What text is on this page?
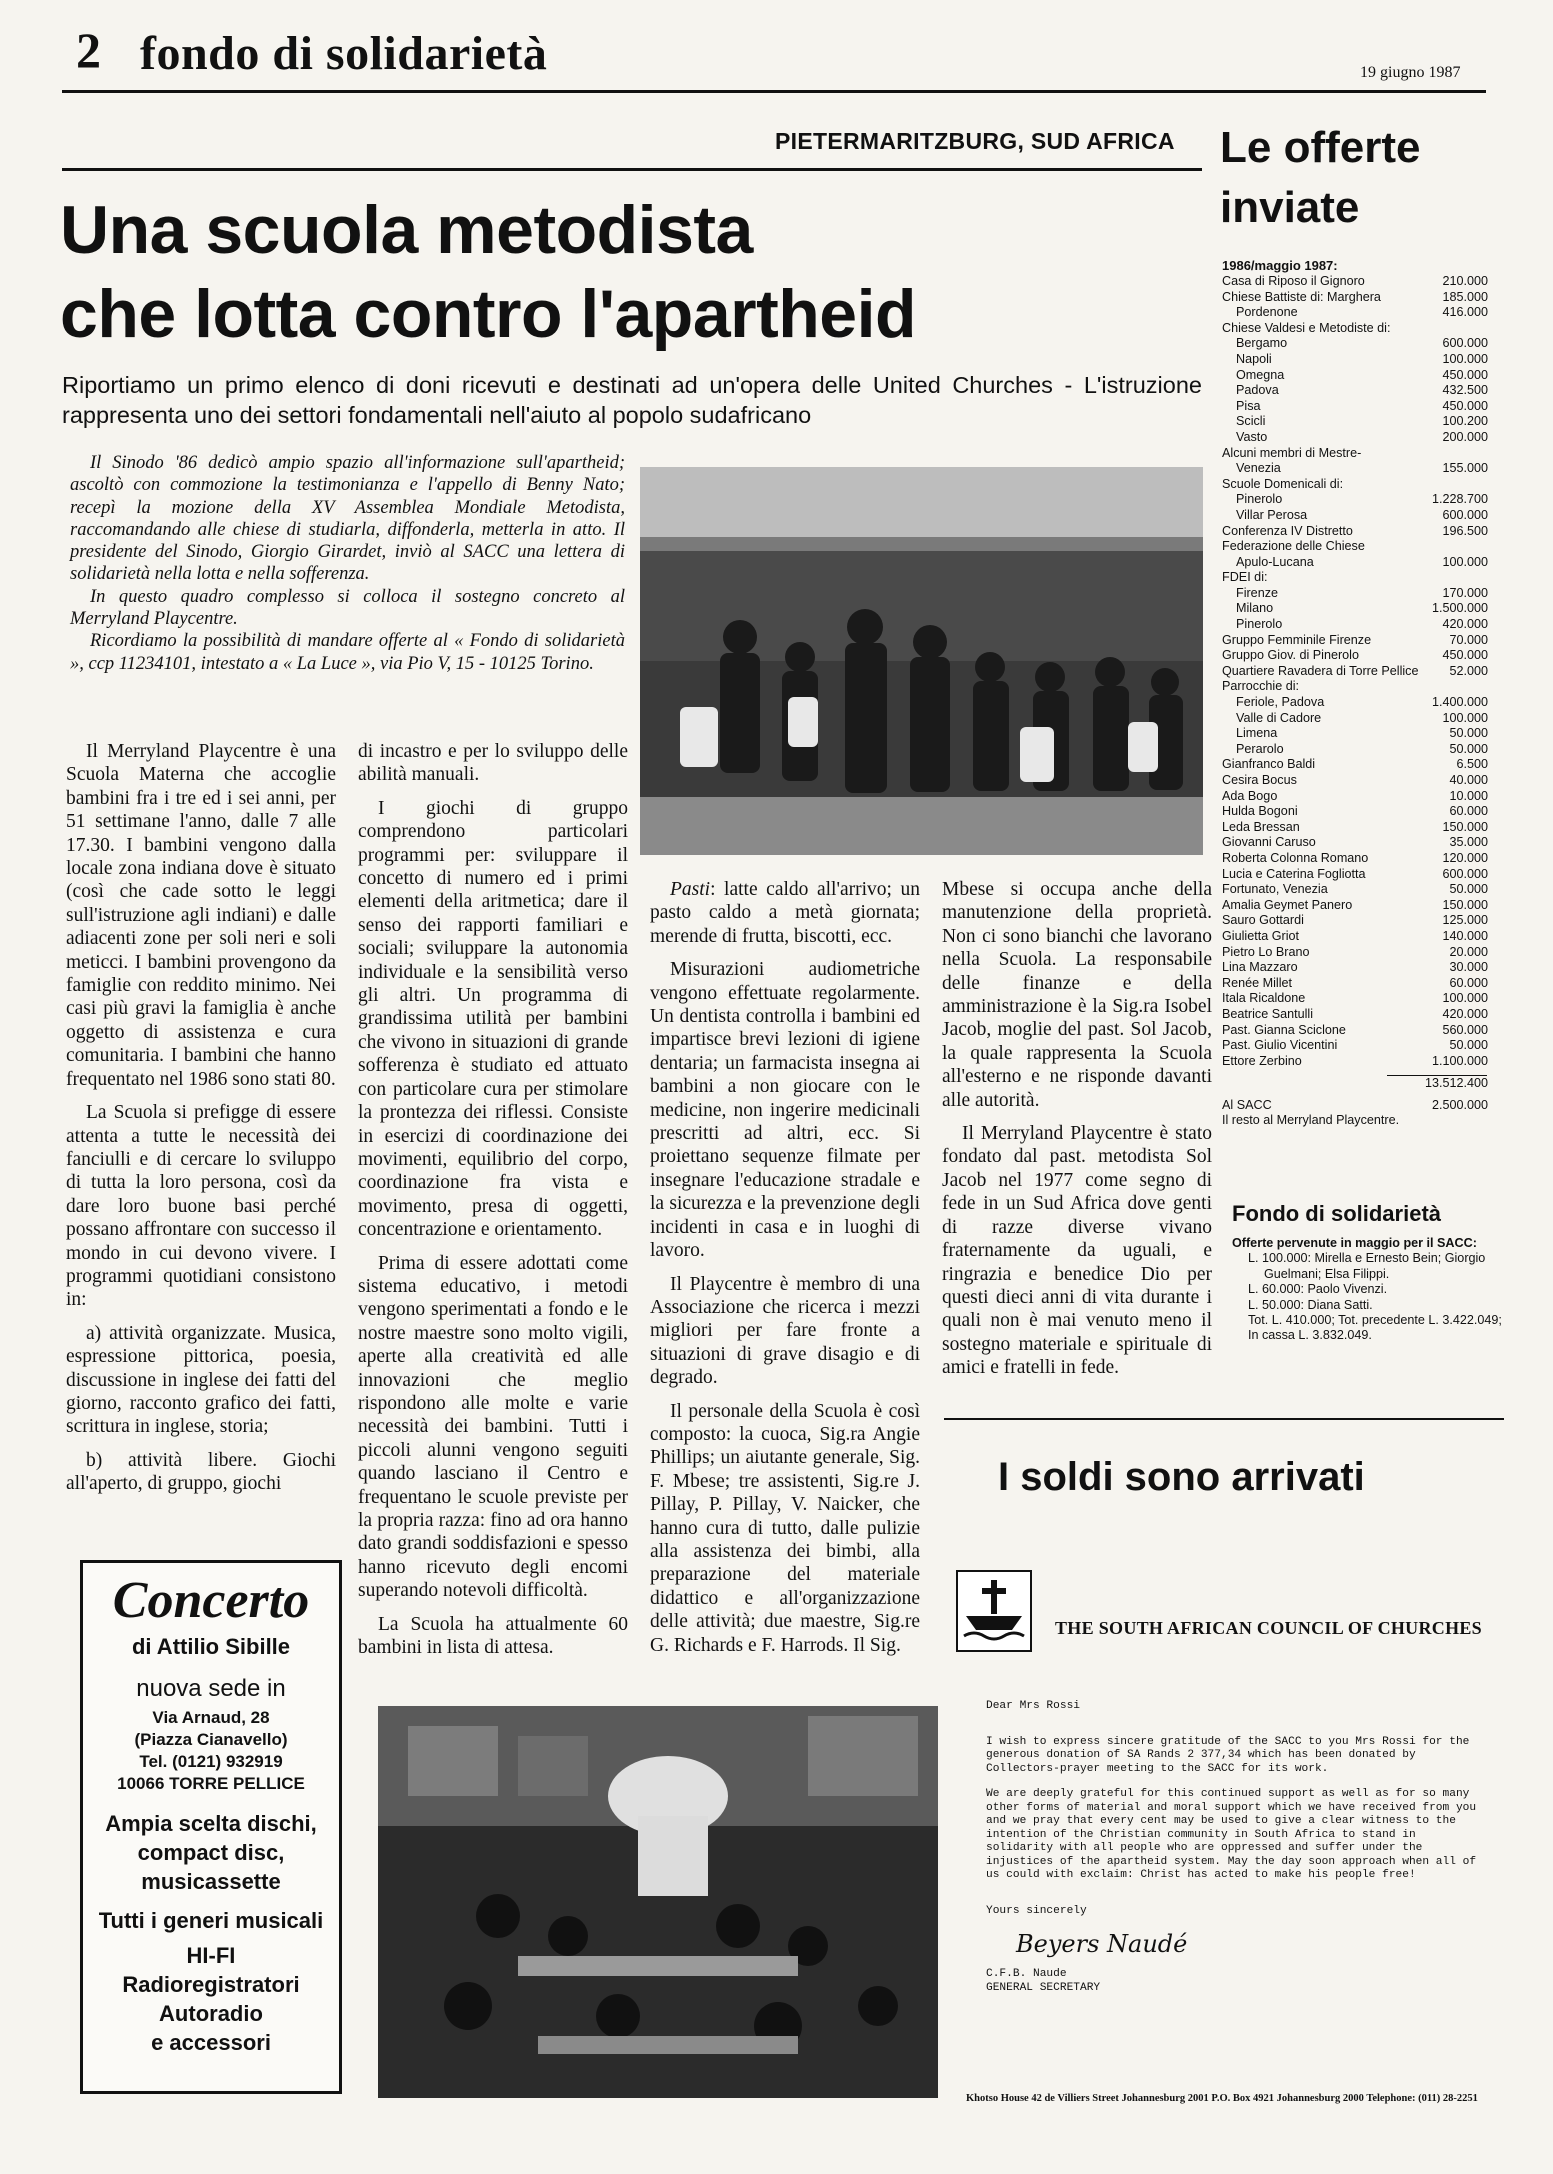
2 fondo di solidarietà	19 giugno 1987
PIETERMARITZBURG, SUD AFRICA
Una scuola metodista
che lotta contro l'apartheid
Riportiamo un primo elenco di doni ricevuti e destinati ad un'opera delle United Churches - L'istruzione rappresenta uno dei settori fondamentali nell'aiuto al popolo sudafricano

Il Sinodo '86 dedicò ampio spazio all'informazione sull'apartheid; ascoltò con commozione la testimonianza e l'appello di Benny Nato; recepì la mozione della XV Assemblea Mondiale Metodista, raccomandando alle chiese di studiarla, diffonderla, metterla in atto. Il presidente del Sinodo, Giorgio Girardet, inviò al SACC una lettera di solidarietà nella lotta e nella sofferenza.

In questo quadro complesso si colloca il sostegno concreto al Merryland Playcentre.

Ricordiamo la possibilità di mandare offerte al « Fondo di solidarietà », ccp 11234101, intestato a « La Luce », via Pio V, 15 - 10125 Torino.

Il Merryland Playcentre è una Scuola Materna che accoglie bambini fra i tre ed i sei anni, per 51 settimane l'anno, dalle 7 alle 17.30. I bambini vengono dalla locale zona indiana dove è situato (così che cade sotto le leggi sull'istruzione agli indiani) e dalle adiacenti zone per soli neri e soli meticci. I bambini provengono da famiglie con reddito minimo. Nei casi più gravi la famiglia è anche oggetto di assistenza e cura comunitaria. I bambini che hanno frequentato nel 1986 sono stati 80.

La Scuola si prefigge di essere attenta a tutte le necessità dei fanciulli e di cercare lo sviluppo di tutta la loro persona, così da dare loro buone basi perché possano affrontare con successo il mondo in cui devono vivere. I programmi quotidiani consistono in:

a) attività organizzate. Musica, espressione pittorica, poesia, discussione in inglese dei fatti del giorno, racconto grafico dei fatti, scrittura in inglese, storia;

b) attività libere. Giochi all'aperto, di gruppo, giochi

di incastro e per lo sviluppo delle abilità manuali.

I giochi di gruppo comprendono particolari programmi per: sviluppare il concetto di numero ed i primi elementi della aritmetica; dare il senso dei rapporti familiari e sociali; sviluppare la autonomia individuale e la sensibilità verso gli altri. Un programma di grandissima utilità per bambini che vivono in situazioni di grande sofferenza è studiato ed attuato con particolare cura per stimolare la prontezza dei riflessi. Consiste in esercizi di coordinazione dei movimenti, equilibrio del corpo, coordinazione fra vista e movimento, presa di oggetti, concentrazione e orientamento.

Prima di essere adottati come sistema educativo, i metodi vengono sperimentati a fondo e le nostre maestre sono molto vigili, aperte alla creatività ed alle innovazioni che meglio rispondono alle molte e varie necessità dei bambini. Tutti i piccoli alunni vengono seguiti quando lasciano il Centro e frequentano le scuole previste per la propria razza: fino ad ora hanno dato grandi soddisfazioni e spesso hanno ricevuto degli encomi superando notevoli difficoltà.

La Scuola ha attualmente 60 bambini in lista di attesa.

Pasti: latte caldo all'arrivo; un pasto caldo a metà giornata; merende di frutta, biscotti, ecc.

Misurazioni audiometriche vengono effettuate regolarmente. Un dentista controlla i bambini ed impartisce brevi lezioni di igiene dentaria; un farmacista insegna ai bambini a non giocare con le medicine, non ingerire medicinali prescritti ad altri, ecc. Si proiettano sequenze filmate per insegnare l'educazione stradale e la sicurezza e la prevenzione degli incidenti in casa e in luoghi di lavoro.

Il Playcentre è membro di una Associazione che ricerca i mezzi migliori per fare fronte a situazioni di grave disagio e di degrado.

Il personale della Scuola è così composto: la cuoca, Sig.ra Angie Phillips; un aiutante generale, Sig. F. Mbese; tre assistenti, Sig.re J. Pillay, P. Pillay, V. Naicker, che hanno cura di tutto, dalle pulizie alla assistenza dei bimbi, alla preparazione del materiale didattico e all'organizzazione delle attività; due maestre, Sig.re G. Richards e F. Harrods. Il Sig.

Mbese si occupa anche della manutenzione della proprietà. Non ci sono bianchi che lavorano nella Scuola. La responsabile delle finanze e della amministrazione è la Sig.ra Isobel Jacob, moglie del past. Sol Jacob, la quale rappresenta la Scuola all'esterno e ne risponde davanti alle autorità.

Il Merryland Playcentre è stato fondato dal past. metodista Sol Jacob nel 1977 come segno di fede in un Sud Africa dove genti di razze diverse vivano fraternamente da uguali, e ringrazia e benedice Dio per questi dieci anni di vita durante i quali non è mai venuto meno il sostegno materiale e spirituale di amici e fratelli in fede.

Le offerte
inviate
1986/maggio 1987:
Casa di Riposo il Gignoro	210.000
Chiese Battiste di: Marghera	185.000
Pordenone	416.000
Chiese Valdesi e Metodiste di:	
Bergamo	600.000
Napoli	100.000
Omegna	450.000
Padova	432.500
Pisa	450.000
Scicli	100.200
Vasto	200.000
Alcuni membri di Mestre-	
Venezia	155.000
Scuole Domenicali di:	
Pinerolo	1.228.700
Villar Perosa	600.000
Conferenza IV Distretto	196.500
Federazione delle Chiese	
Apulo-Lucana	100.000
FDEI di:	
Firenze	170.000
Milano	1.500.000
Pinerolo	420.000
Gruppo Femminile Firenze	70.000
Gruppo Giov. di Pinerolo	450.000
Quartiere Ravadera di Torre Pellice	52.000
Parrocchie di:	
Feriole, Padova	1.400.000
Valle di Cadore	100.000
Limena	50.000
Perarolo	50.000
Gianfranco Baldi	6.500
Cesira Bocus	40.000
Ada Bogo	10.000
Hulda Bogoni	60.000
Leda Bressan	150.000
Giovanni Caruso	35.000
Roberta Colonna Romano	120.000
Lucia e Caterina Fogliotta	600.000
Fortunato, Venezia	50.000
Amalia Geymet Panero	150.000
Sauro Gottardi	125.000
Giulietta Griot	140.000
Pietro Lo Brano	20.000
Lina Mazzaro	30.000
Renée Millet	60.000
Itala Ricaldone	100.000
Beatrice Santulli	420.000
Past. Gianna Sciclone	560.000
Past. Giulio Vicentini	50.000
Ettore Zerbino	1.100.000
13.512.400
Al SACC	2.500.000
Il resto al Merryland Playcentre.
Fondo di solidarietà
Offerte pervenute in maggio per il SACC:
L. 100.000: Mirella e Ernesto Bein; Giorgio Guelmani; Elsa Filippi.
L. 60.000: Paolo Vivenzi.
L. 50.000: Diana Satti.
Tot. L. 410.000; Tot. precedente L. 3.422.049; In cassa L. 3.832.049.
I soldi sono arrivati
THE SOUTH AFRICAN COUNCIL OF CHURCHES
Dear Mrs Rossi
I wish to express sincere gratitude of the SACC to you Mrs Rossi for the generous donation of SA Rands 2 377,34 which has been donated by Collectors-prayer meeting to the SACC for its work.
We are deeply grateful for this continued support as well as for so many other forms of material and moral support which we have received from you and we pray that every cent may be used to give a clear witness to the intention of the Christian community in South Africa to stand in solidarity with all people who are oppressed and suffer under the injustices of the apartheid system. May the day soon approach when all of us could with exclaim: Christ has acted to make his people free!
Yours sincerely
Beyers Naudé
C.F.B. Naude
GENERAL SECRETARY
Khotso House 42 de Villiers Street Johannesburg 2001 P.O. Box 4921 Johannesburg 2000 Telephone: (011) 28-2251
Concerto
di Attilio Sibille
nuova sede in
Via Arnaud, 28
(Piazza Cianavello)
Tel. (0121) 932919
10066 TORRE PELLICE
Ampia scelta dischi, compact disc, musicassette
Tutti i generi musicali
HI-FI
Radioregistratori
Autoradio
e accessori
